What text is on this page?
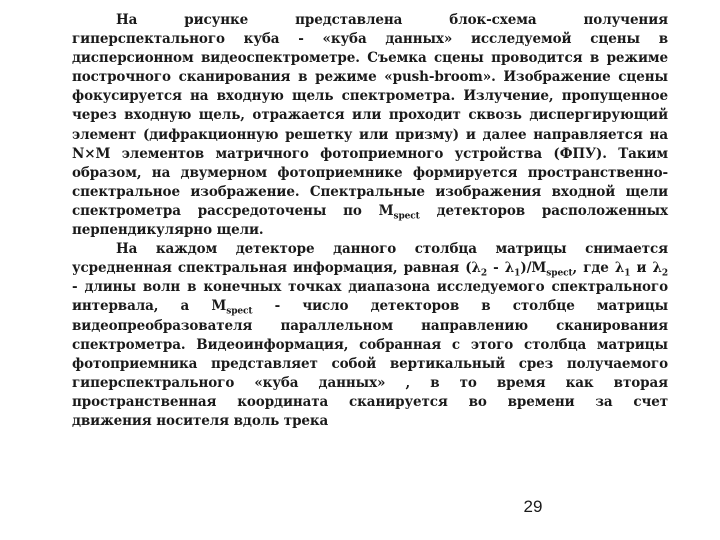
На рисунке представлена блок-схема получения
гиперспектального куба - «куба данных» исследуемой сцены в
дисперсионном видеоспектрометре. Съемка сцены проводится в режиме
построчного сканирования в режиме «push-broom». Изображение сцены
фокусируется на входную щель спектрометра. Излучение, пропущенное
через входную щель, отражается или проходит сквозь диспергирующий
элемент (дифракционную решетку или призму) и далее направляется на
N×M элементов матричного фотоприемного устройства (ФПУ). Таким
образом, на двумерном фотоприемнике формируется пространственно-
спектральное изображение. Спектральные изображения входной щели
спектрометра рассредоточены по $M_{spect}$ детекторов расположенных
перпендикулярно щели.
На каждом детекторе данного столбца матрицы снимается
усредненная спектральная информация, равная $(\lambda_2 - \lambda_1)/M_{spect}$, где $\lambda_1$ и $\lambda_2$
- длины волн в конечных точках диапазона исследуемого спектрального
интервала, а $M_{spect}$ - число детекторов в столбце матрицы
видеопреобразователя параллельном направлению сканирования
спектрометра. Видеоинформация, собранная с этого столбца матрицы
фотоприемника представляет собой вертикальный срез получаемого
гиперспектрального «куба данных» , в то время как вторая
пространственная координата сканируется во времени за счет
движения носителя вдоль трека
29
